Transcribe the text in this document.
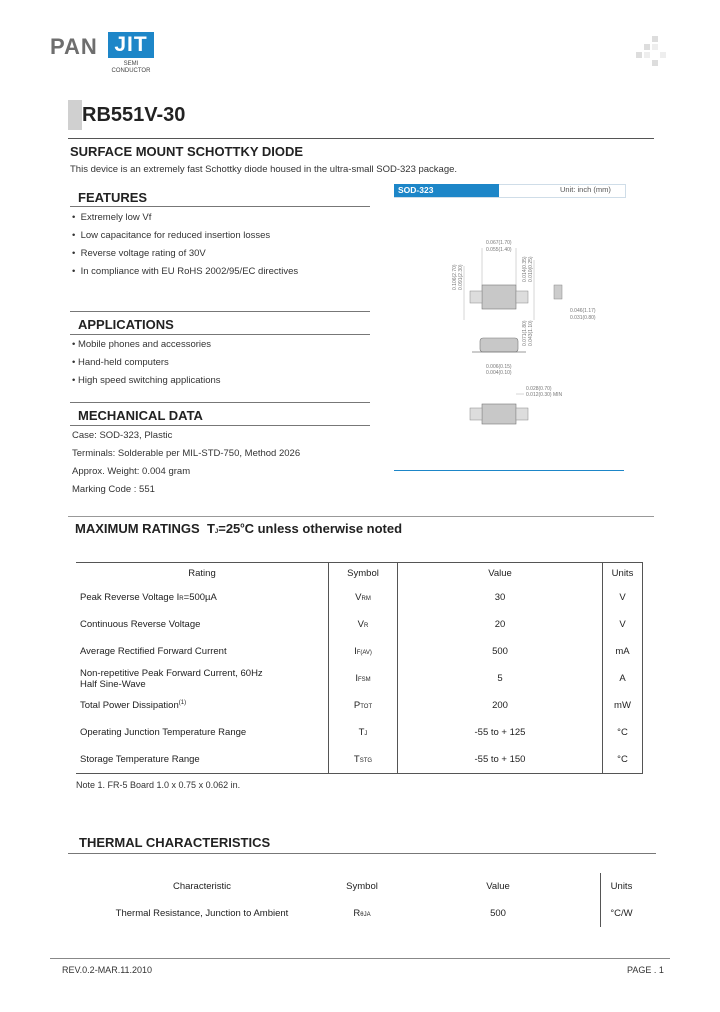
PAN JIT
SEMI
CONDUCTOR
RB551V-30
SURFACE MOUNT SCHOTTKY DIODE
This device is an extremely fast Schottky diode housed in the ultra-small SOD-323 package.
FEATURES
•  Extremely low Vf
•  Low capacitance for reduced insertion losses
•  Reverse voltage rating of 30V
•  In compliance with EU RoHS 2002/95/EC directives
APPLICATIONS
• Mobile phones and accessories
• Hand-held computers
• High speed switching applications
MECHANICAL DATA
Case: SOD-323, Plastic
Terminals: Solderable per MIL-STD-750, Method 2026
Approx. Weight: 0.004 gram
Marking Code : 551
SOD-323	Unit: inch (mm)
0.067(1.70)
0.055(1.40)
0.106(2.70) 0.091(2.30)	0.014(0.35) 0.010(0.25)
0.046(1.17)
0.031(0.80)
0.071(1.80) 0.043(1.10)
0.006(0.15)
0.012(0.30) MIN
0.004(0.10)
0.028(0.70)
MAXIMUM RATINGS $TJ=25^oC$ unless otherwise noted
Rating	Symbol	Value	Units
Peak Reverse Voltage IR=500µA	VRM	30	V
Continuous Reverse Voltage	VR	20	V
Average Rectified Forward Current	IF(AV)	500	mA

Non-repetitive Peak Forward Current, 60Hz
Half Sine-Wave	IFSM	5	A
Total Power Dissipation$^{(1)}$	PTOT	200	mW
Operating Junction Temperature Range	TJ	-55 to + 125	°C
Storage Temperature Range	TSTG	-55 to + 150	°C
Note 1. FR-5 Board 1.0 x 0.75 x 0.062 in.
THERMAL CHARACTERISTICS
Characteristic	Symbol	Value	Units
Thermal Resistance, Junction to Ambient	RθJA	500	°C/W
REV.0.2-MAR.11.2010	PAGE . 1
